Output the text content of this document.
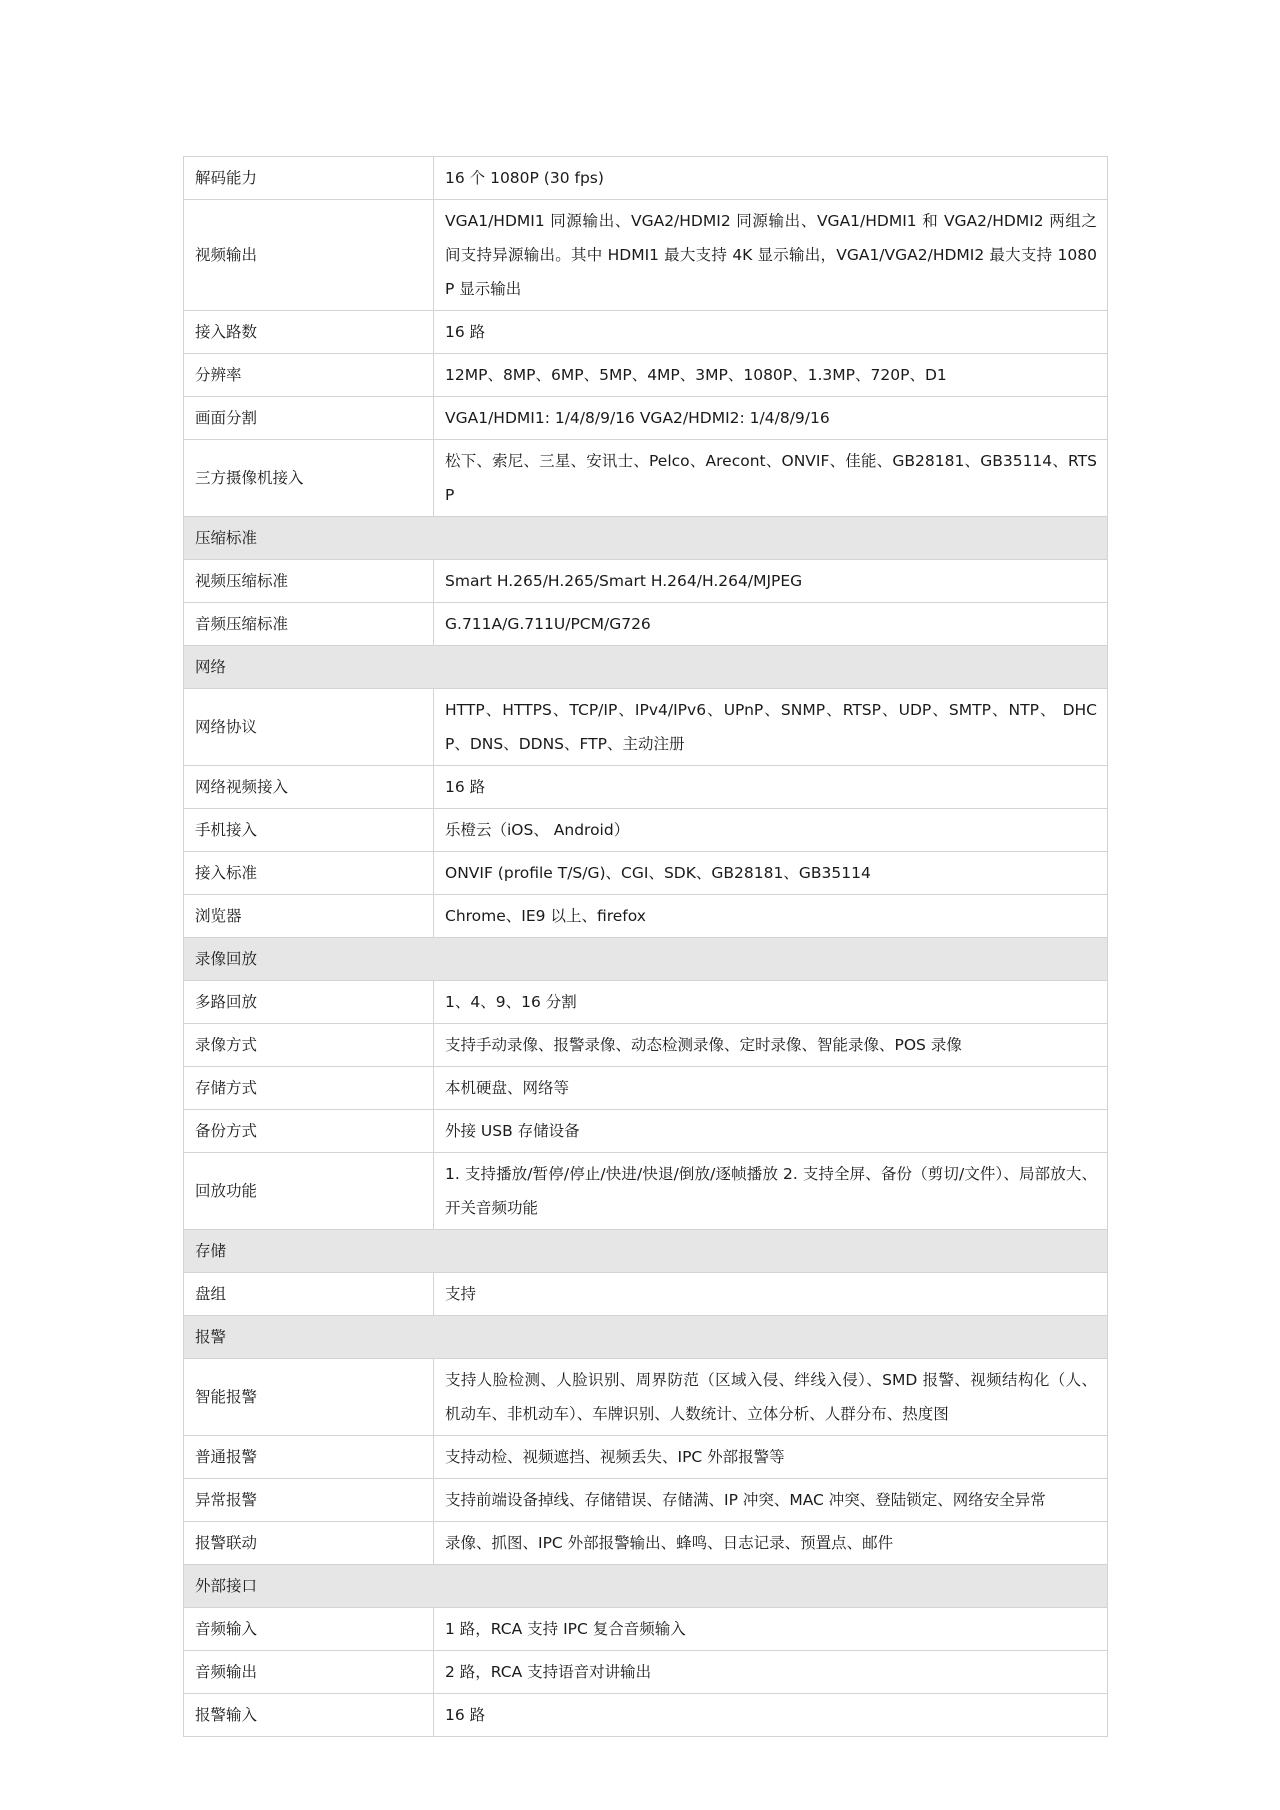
解码能力	16 个 1080P (30 fps)
视频输出	VGA1/HDMI1 同源输出、VGA2/HDMI2 同源输出、VGA1/HDMI1 和 VGA2/HDMI2 两组之间支持异源输出。其中 HDMI1 最大支持 4K 显示输出，VGA1/VGA2/HDMI2 最大支持 1080P 显示输出
接入路数	16 路
分辨率	12MP、8MP、6MP、5MP、4MP、3MP、1080P、1.3MP、720P、D1
画面分割	VGA1/HDMI1: 1/4/8/9/16 VGA2/HDMI2: 1/4/8/9/16
三方摄像机接入	松下、索尼、三星、安讯士、Pelco、Arecont、ONVIF、佳能、GB28181、GB35114、RTSP
压缩标准	
视频压缩标准	Smart H.265/H.265/Smart H.264/H.264/MJPEG
音频压缩标准	G.711A/G.711U/PCM/G726
网络	
网络协议	HTTP、HTTPS、TCP/IP、IPv4/IPv6、UPnP、SNMP、RTSP、UDP、SMTP、NTP、 DHCP、DNS、DDNS、FTP、主动注册
网络视频接入	16 路
手机接入	乐橙云（iOS、 Android）
接入标准	ONVIF (profile T/S/G)、CGI、SDK、GB28181、GB35114
浏览器	Chrome、IE9 以上、firefox
录像回放	
多路回放	1、4、9、16 分割
录像方式	支持手动录像、报警录像、动态检测录像、定时录像、智能录像、POS 录像
存储方式	本机硬盘、网络等
备份方式	外接 USB 存储设备
回放功能	1. 支持播放/暂停/停止/快进/快退/倒放/逐帧播放 2. 支持全屏、备份（剪切/文件）、局部放大、开关音频功能
存储	
盘组	支持
报警	
智能报警	支持人脸检测、人脸识别、周界防范（区域入侵、绊线入侵）、SMD 报警、视频结构化（人、机动车、非机动车）、车牌识别、人数统计、立体分析、人群分布、热度图
普通报警	支持动检、视频遮挡、视频丢失、IPC 外部报警等
异常报警	支持前端设备掉线、存储错误、存储满、IP 冲突、MAC 冲突、登陆锁定、网络安全异常
报警联动	录像、抓图、IPC 外部报警输出、蜂鸣、日志记录、预置点、邮件
外部接口	
音频输入	1 路，RCA 支持 IPC 复合音频输入
音频输出	2 路，RCA 支持语音对讲输出
报警输入	16 路
